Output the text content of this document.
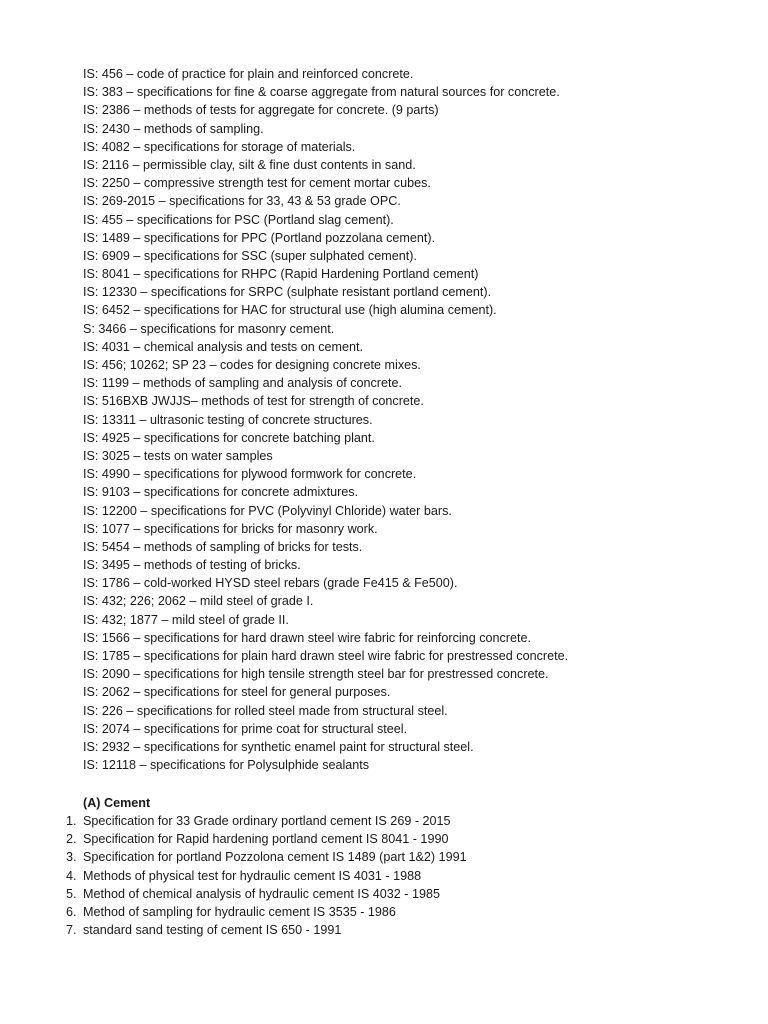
IS: 456 – code of practice for plain and reinforced concrete.
IS: 383 – specifications for fine & coarse aggregate from natural sources for concrete.
IS: 2386 – methods of tests for aggregate for concrete. (9 parts)
IS: 2430 – methods of sampling.
IS: 4082 – specifications for storage of materials.
IS: 2116 – permissible clay, silt & fine dust contents in sand.
IS: 2250 – compressive strength test for cement mortar cubes.
IS: 269-2015 – specifications for 33, 43 & 53 grade OPC.
IS: 455 – specifications for PSC (Portland slag cement).
IS: 1489 – specifications for PPC (Portland pozzolana cement).
IS: 6909 – specifications for SSC (super sulphated cement).
IS: 8041 – specifications for RHPC (Rapid Hardening Portland cement)
IS: 12330 – specifications for SRPC (sulphate resistant portland cement).
IS: 6452 – specifications for HAC for structural use (high alumina cement).
S: 3466 – specifications for masonry cement.
IS: 4031 – chemical analysis and tests on cement.
IS: 456; 10262; SP 23 – codes for designing concrete mixes.
IS: 1199 – methods of sampling and analysis of concrete.
IS: 516BXB JWJJS– methods of test for strength of concrete.
IS: 13311 – ultrasonic testing of concrete structures.
IS: 4925 – specifications for concrete batching plant.
IS: 3025 – tests on water samples
IS: 4990 – specifications for plywood formwork for concrete.
IS: 9103 – specifications for concrete admixtures.
IS: 12200 – specifications for PVC (Polyvinyl Chloride) water bars.
IS: 1077 – specifications for bricks for masonry work.
IS: 5454 – methods of sampling of bricks for tests.
IS: 3495 – methods of testing of bricks.
IS: 1786 – cold-worked HYSD steel rebars (grade Fe415 & Fe500).
IS: 432; 226; 2062 – mild steel of grade I.
IS: 432; 1877 – mild steel of grade II.
IS: 1566 – specifications for hard drawn steel wire fabric for reinforcing concrete.
IS: 1785 – specifications for plain hard drawn steel wire fabric for prestressed concrete.
IS: 2090 – specifications for high tensile strength steel bar for prestressed concrete.
IS: 2062 – specifications for steel for general purposes.
IS: 226 – specifications for rolled steel made from structural steel.
IS: 2074 – specifications for prime coat for structural steel.
IS: 2932 – specifications for synthetic enamel paint for structural steel.
IS: 12118 – specifications for Polysulphide sealants
(A) Cement
1. Specification for 33 Grade ordinary portland cement IS 269 - 2015
2. Specification for Rapid hardening portland cement IS 8041 - 1990
3. Specification for portland Pozzolona cement IS 1489 (part 1&2) 1991
4. Methods of physical test for hydraulic cement IS 4031 - 1988
5. Method of chemical analysis of hydraulic cement IS 4032 - 1985
6. Method of sampling for hydraulic cement IS 3535 - 1986
7. standard sand testing of cement IS 650 - 1991
